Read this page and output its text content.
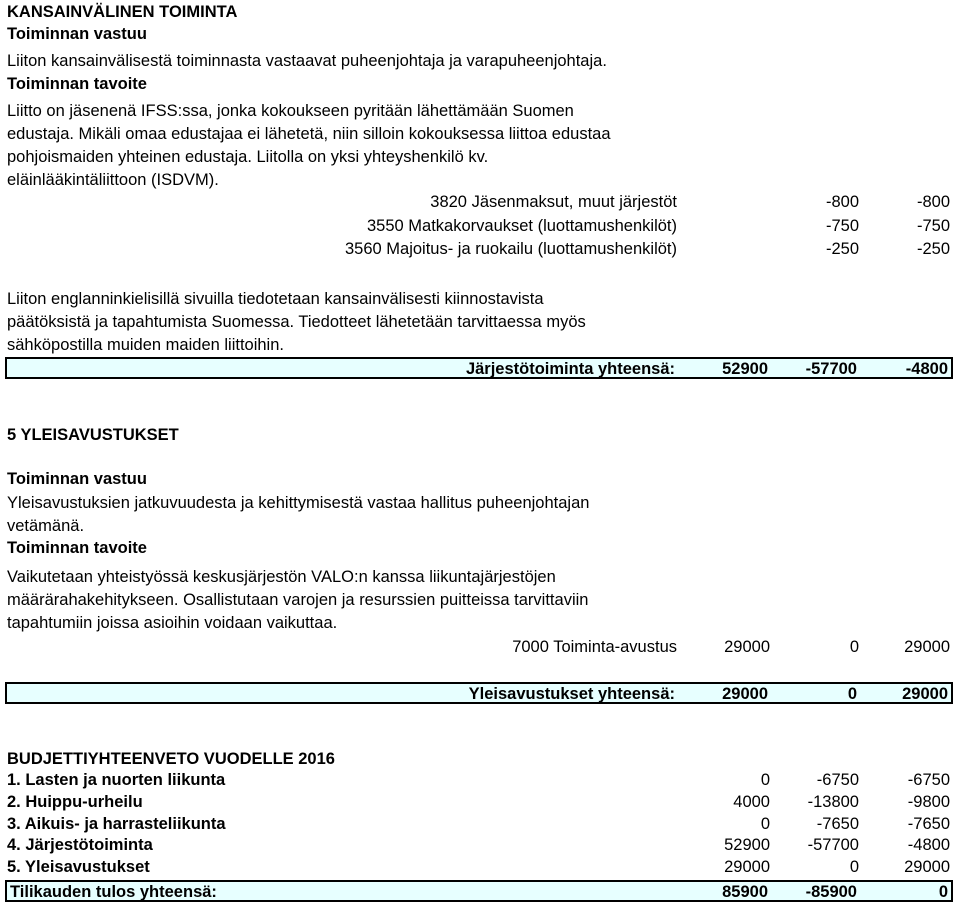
KANSAINVÄLINEN TOIMINTA
Toiminnan vastuu
Liiton kansainvälisestä toiminnasta vastaavat puheenjohtaja ja varapuheenjohtaja.
Toiminnan tavoite
Liitto on jäsenenä IFSS:ssa, jonka kokoukseen pyritään lähettämään Suomen
edustaja. Mikäli omaa edustajaa ei lähetetä, niin silloin kokouksessa liittoa edustaa
pohjoismaiden yhteinen edustaja. Liitolla on yksi yhteyshenkilö kv.
eläinlääkintäliittoon (ISDVM).
3820 Jäsenmaksut, muut järjestöt	-800	-800
3550 Matkakorvaukset (luottamushenkilöt)	-750	-750
3560 Majoitus- ja ruokailu (luottamushenkilöt)	-250	-250
Liiton englanninkielisillä sivuilla tiedotetaan kansainvälisesti kiinnostavista
päätöksistä ja tapahtumista Suomessa. Tiedotteet lähetetään tarvittaessa myös
sähköpostilla muiden maiden liittoihin.
Järjestötoiminta yhteensä:	52900 -57700	-4800
5 YLEISAVUSTUKSET
Toiminnan vastuu
Yleisavustuksien jatkuvuudesta ja kehittymisestä vastaa hallitus puheenjohtajan
vetämänä.
Toiminnan tavoite
Vaikutetaan yhteistyössä keskusjärjestön VALO:n kanssa liikuntajärjestöjen
määrärahakehitykseen. Osallistutaan varojen ja resurssien puitteissa tarvittaviin
tapahtumiin joissa asioihin voidaan vaikuttaa.
7000 Toiminta-avustus	29000	0	29000
Yleisavustukset yhteensä:	29000	0	29000
BUDJETTIYHTEENVETO VUODELLE 2016
1. Lasten ja nuorten liikunta	0	-6750	-6750
2. Huippu-urheilu	4000 -13800	-9800
3. Aikuis- ja harrasteliikunta	0	-7650	-7650
4. Järjestötoiminta	52900 -57700	-4800
5. Yleisavustukset	29000	0	29000
Tilikauden tulos yhteensä:	85900 -85900	0
